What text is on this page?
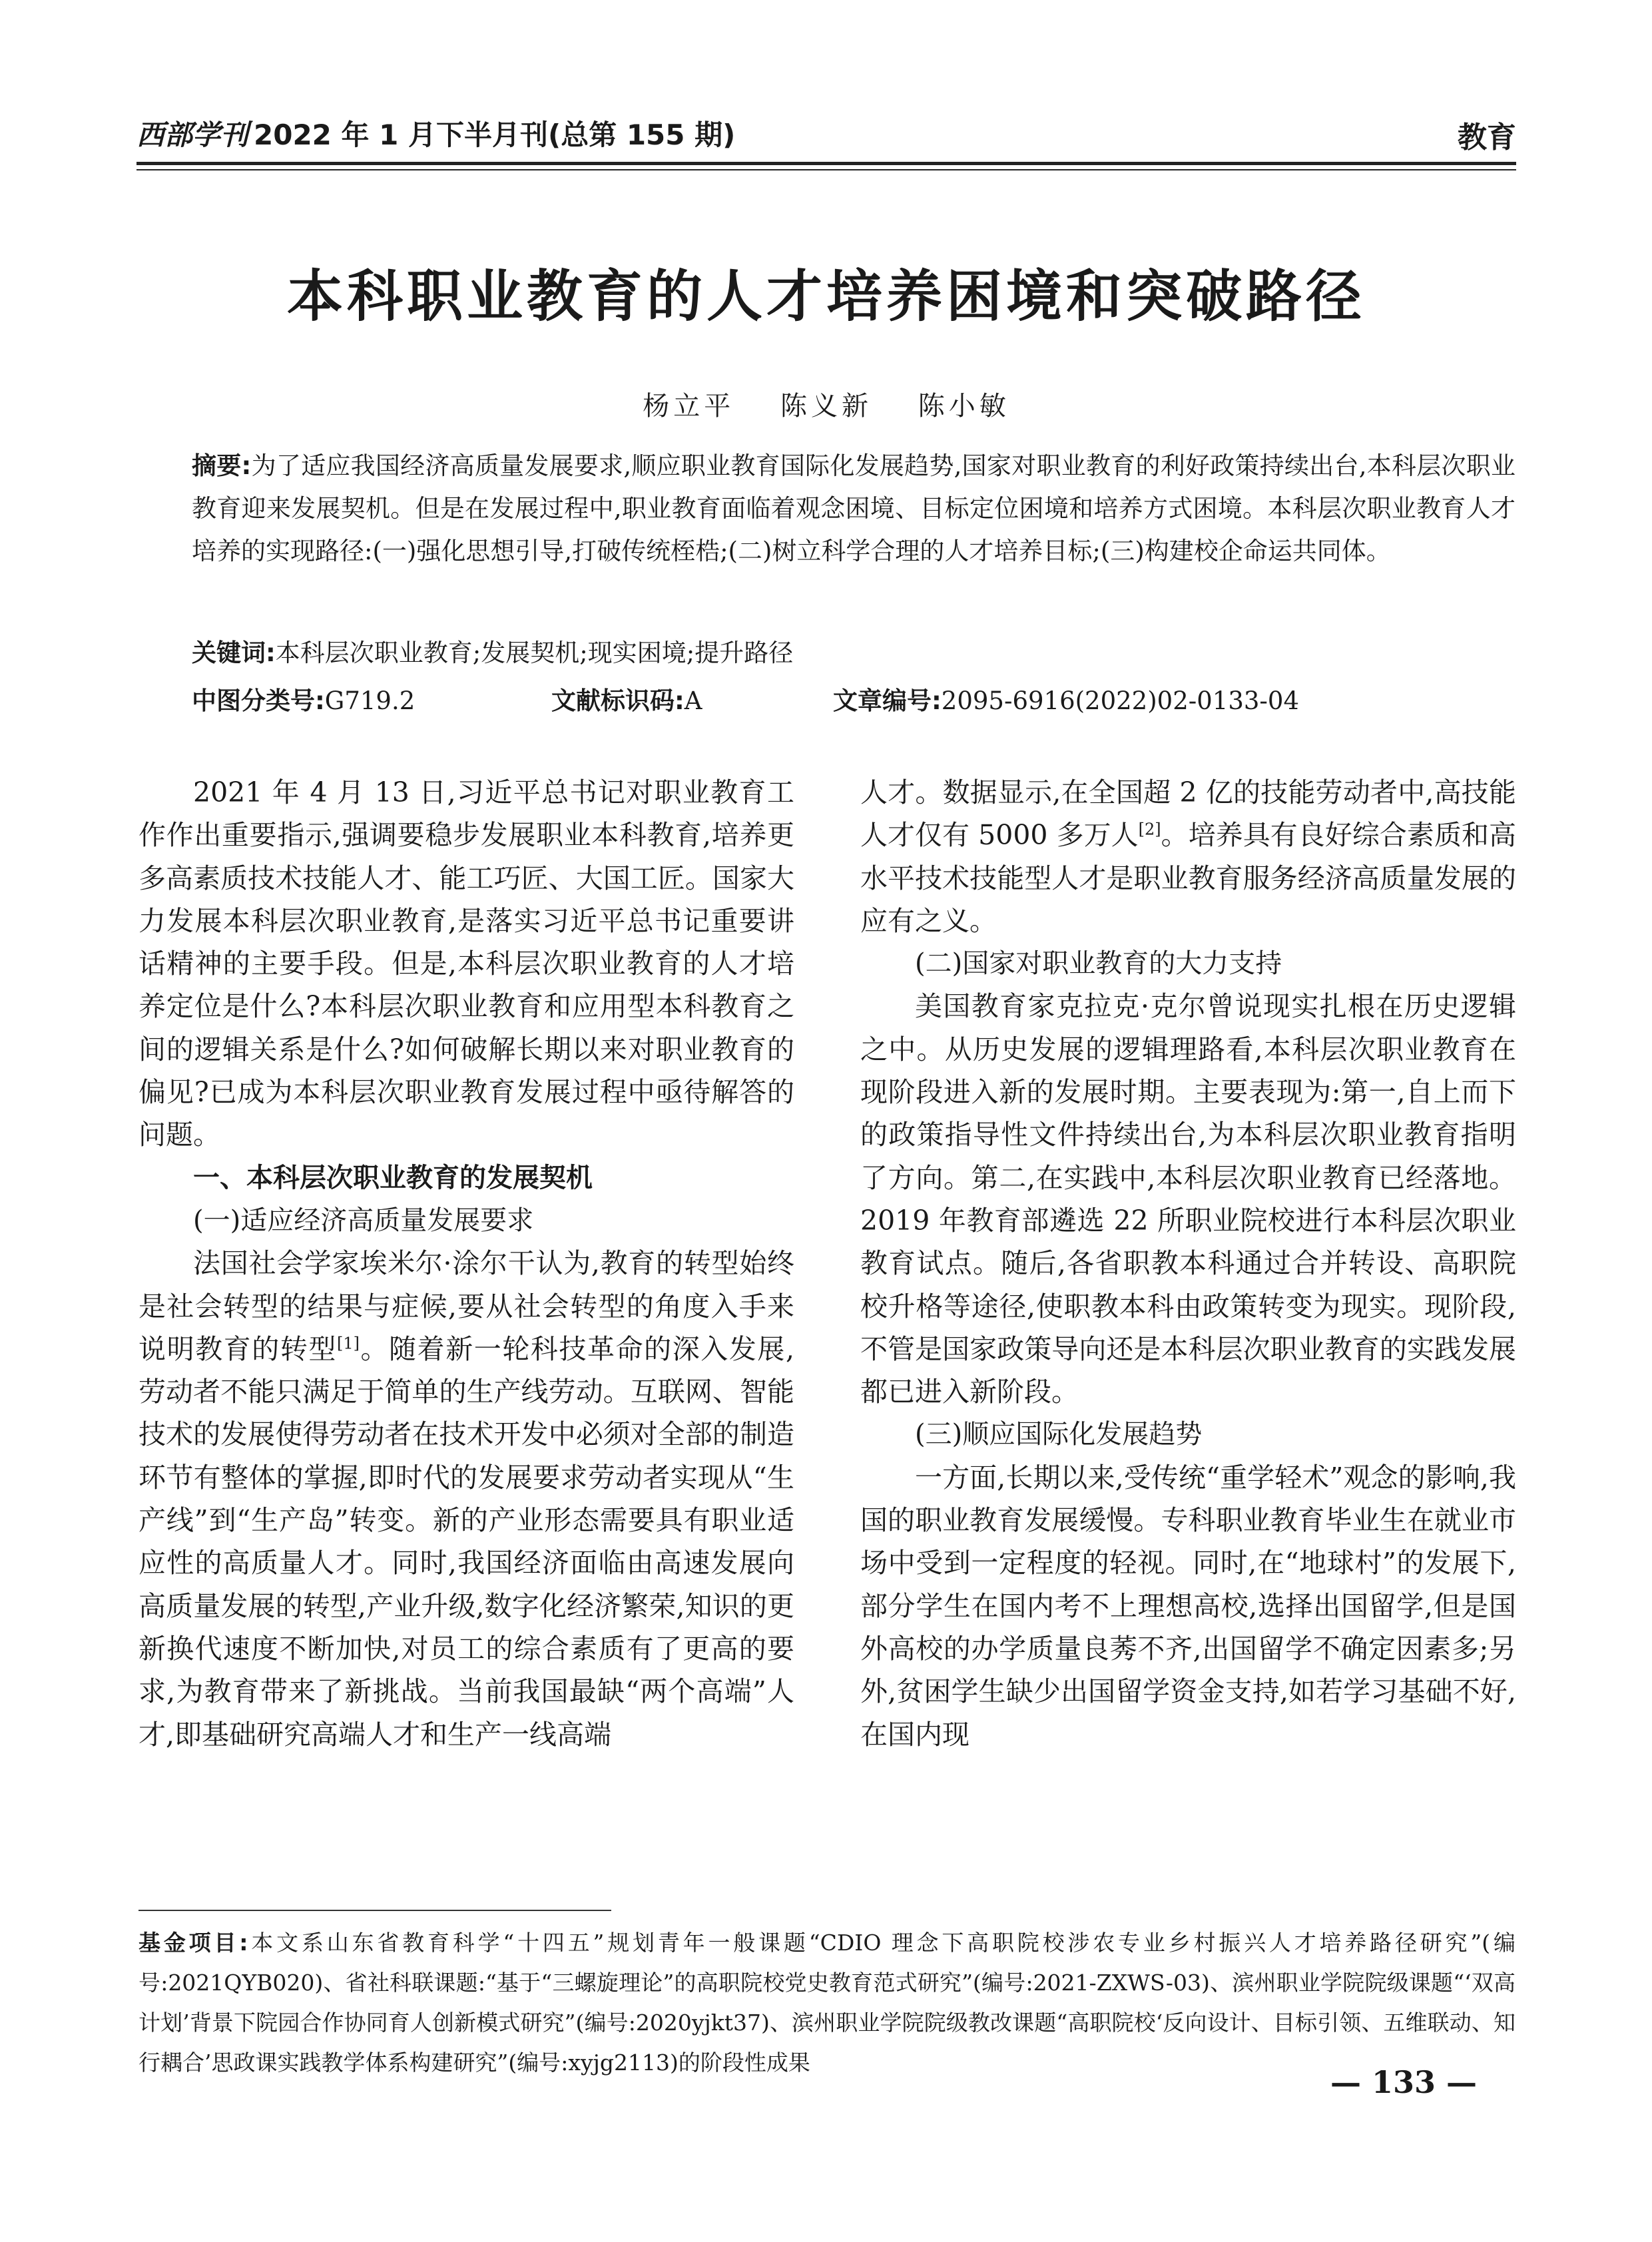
西部学刊 2022 年 1 月下半月刊(总第 155 期)	教育
本科职业教育的人才培养困境和突破路径
杨立平 陈义新 陈小敏
摘要:为了适应我国经济高质量发展要求,顺应职业教育国际化发展趋势,国家对职业教育的利好政策持续出台,本科层次职业教育迎来发展契机。但是在发展过程中,职业教育面临着观念困境、目标定位困境和培养方式困境。本科层次职业教育人才培养的实现路径:(一)强化思想引导,打破传统桎梏;(二)树立科学合理的人才培养目标;(三)构建校企命运共同体。
关键词:本科层次职业教育;发展契机;现实困境;提升路径
中图分类号:G719.2	文献标识码:A	文章编号:2095-6916(2022)02-0133-04

2021 年 4 月 13 日,习近平总书记对职业教育工作作出重要指示,强调要稳步发展职业本科教育,培养更多高素质技术技能人才、能工巧匠、大国工匠。国家大力发展本科层次职业教育,是落实习近平总书记重要讲话精神的主要手段。但是,本科层次职业教育的人才培养定位是什么?本科层次职业教育和应用型本科教育之间的逻辑关系是什么?如何破解长期以来对职业教育的偏见?已成为本科层次职业教育发展过程中亟待解答的问题。

一、本科层次职业教育的发展契机
(一)适应经济高质量发展要求

法国社会学家埃米尔·涂尔干认为,教育的转型始终是社会转型的结果与症候,要从社会转型的角度入手来说明教育的转型[1]。随着新一轮科技革命的深入发展,劳动者不能只满足于简单的生产线劳动。互联网、智能技术的发展使得劳动者在技术开发中必须对全部的制造环节有整体的掌握,即时代的发展要求劳动者实现从“生产线”到“生产岛”转变。新的产业形态需要具有职业适应性的高质量人才。同时,我国经济面临由高速发展向高质量发展的转型,产业升级,数字化经济繁荣,知识的更新换代速度不断加快,对员工的综合素质有了更高的要求,为教育带来了新挑战。当前我国最缺“两个高端”人才,即基础研究高端人才和生产一线高端

人才。数据显示,在全国超 2 亿的技能劳动者中,高技能人才仅有 5000 多万人[2]。培养具有良好综合素质和高水平技术技能型人才是职业教育服务经济高质量发展的应有之义。

(二)国家对职业教育的大力支持

美国教育家克拉克·克尔曾说现实扎根在历史逻辑之中。从历史发展的逻辑理路看,本科层次职业教育在现阶段进入新的发展时期。主要表现为:第一,自上而下的政策指导性文件持续出台,为本科层次职业教育指明了方向。第二,在实践中,本科层次职业教育已经落地。2019 年教育部遴选 22 所职业院校进行本科层次职业教育试点。随后,各省职教本科通过合并转设、高职院校升格等途径,使职教本科由政策转变为现实。现阶段,不管是国家政策导向还是本科层次职业教育的实践发展都已进入新阶段。

(三)顺应国际化发展趋势

一方面,长期以来,受传统“重学轻术”观念的影响,我国的职业教育发展缓慢。专科职业教育毕业生在就业市场中受到一定程度的轻视。同时,在“地球村”的发展下,部分学生在国内考不上理想高校,选择出国留学,但是国外高校的办学质量良莠不齐,出国留学不确定因素多;另外,贫困学生缺少出国留学资金支持,如若学习基础不好,在国内现

基金项目:本文系山东省教育科学“十四五”规划青年一般课题“CDIO 理念下高职院校涉农专业乡村振兴人才培养路径研究”(编号:2021QYB020)、省社科联课题:“基于“三螺旋理论”的高职院校党史教育范式研究”(编号:2021-ZXWS-03)、滨州职业学院院级课题“‘双高计划’背景下院园合作协同育人创新模式研究”(编号:2020yjkt37)、滨州职业学院院级教改课题“高职院校‘反向设计、目标引领、五维联动、知行耦合’思政课实践教学体系构建研究”(编号:xyjg2113)的阶段性成果
— 133 —
